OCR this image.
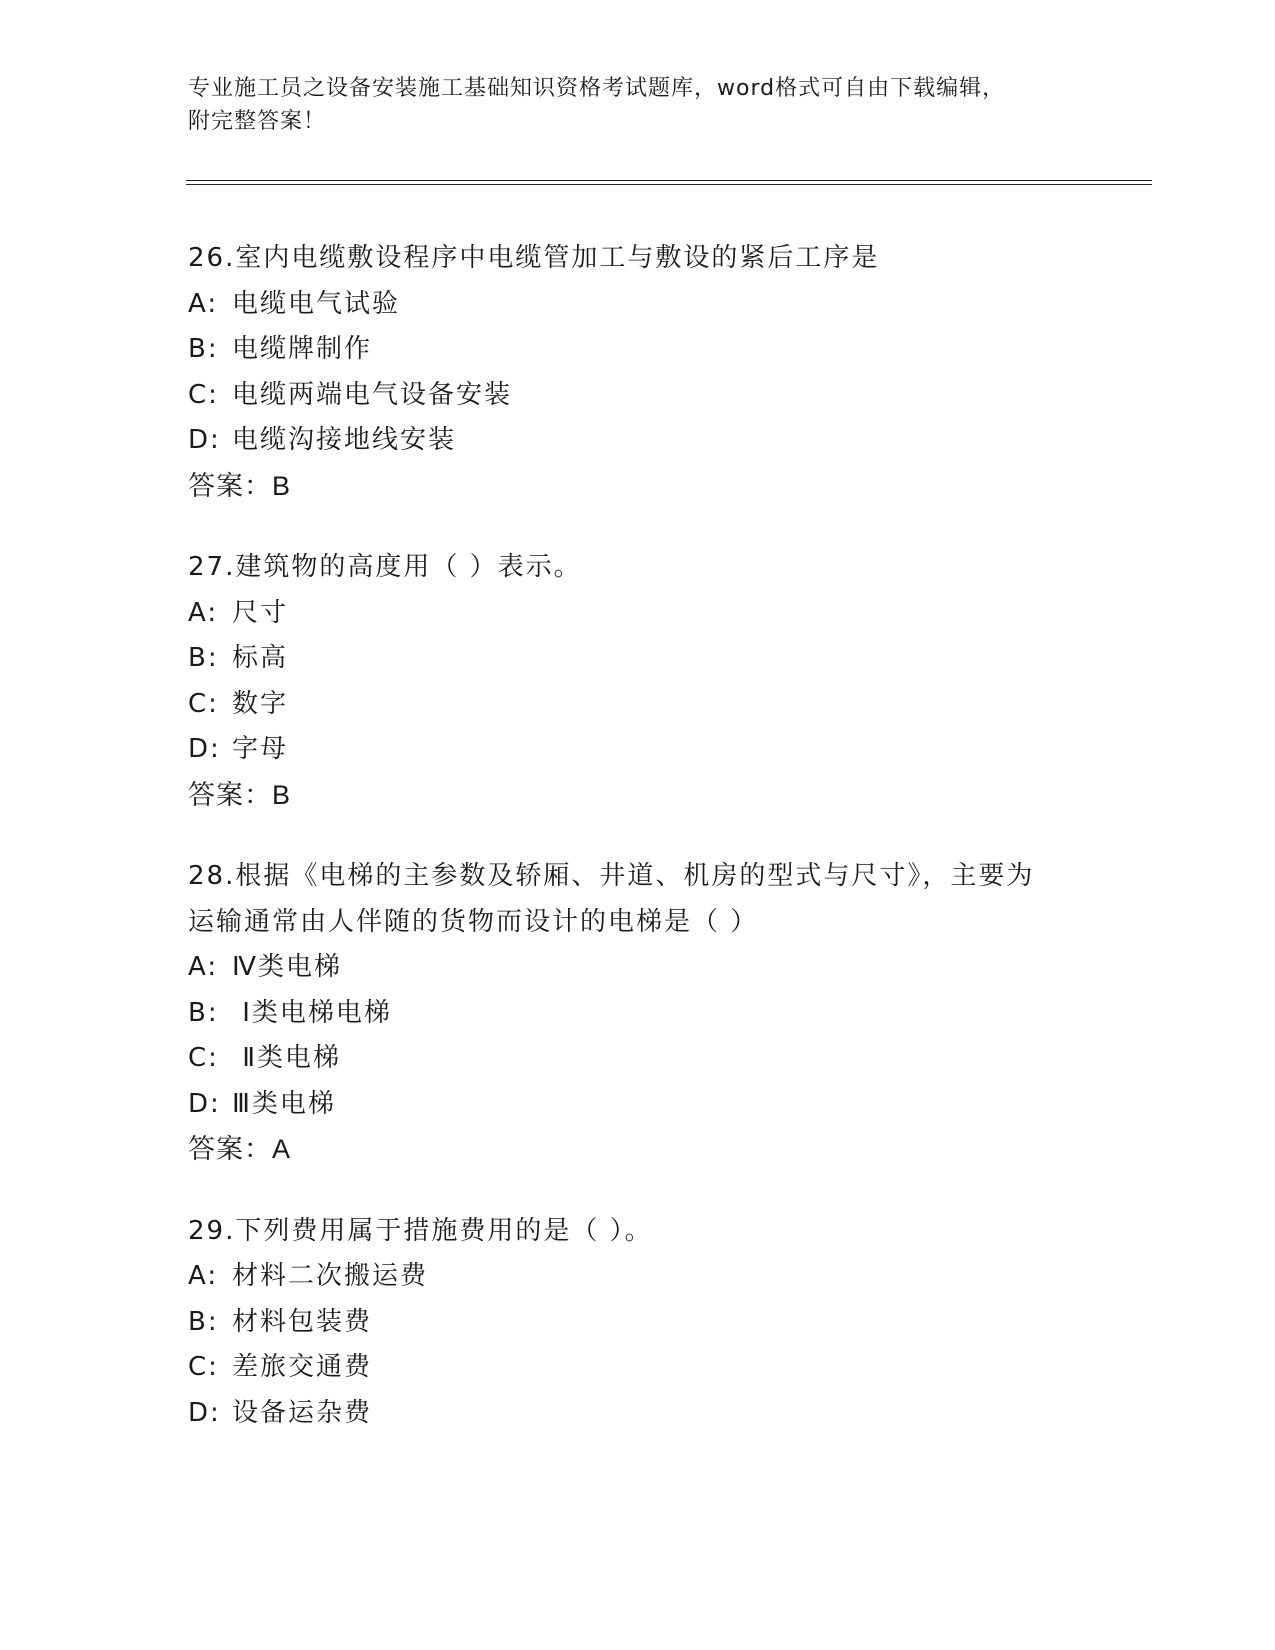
专业施工员之设备安装施工基础知识资格考试题库，word格式可自由下载编辑，
附完整答案！
26.室内电缆敷设程序中电缆管加工与敷设的紧后工序是
A: 电缆电气试验
B: 电缆牌制作
C: 电缆两端电气设备安装
D: 电缆沟接地线安装
答案：B
27.建筑物的高度用（ ）表示。
A: 尺寸
B: 标高
C: 数字
D: 字母
答案：B
28.根据《电梯的主参数及轿厢、井道、机房的型式与尺寸》，主要为
运输通常由人伴随的货物而设计的电梯是（ ）
A: Ⅳ类电梯
B: Ⅰ类电梯电梯
C: Ⅱ类电梯
D: Ⅲ类电梯
答案：A
29.下列费用属于措施费用的是（ ）。
A: 材料二次搬运费
B: 材料包装费
C: 差旅交通费
D: 设备运杂费
